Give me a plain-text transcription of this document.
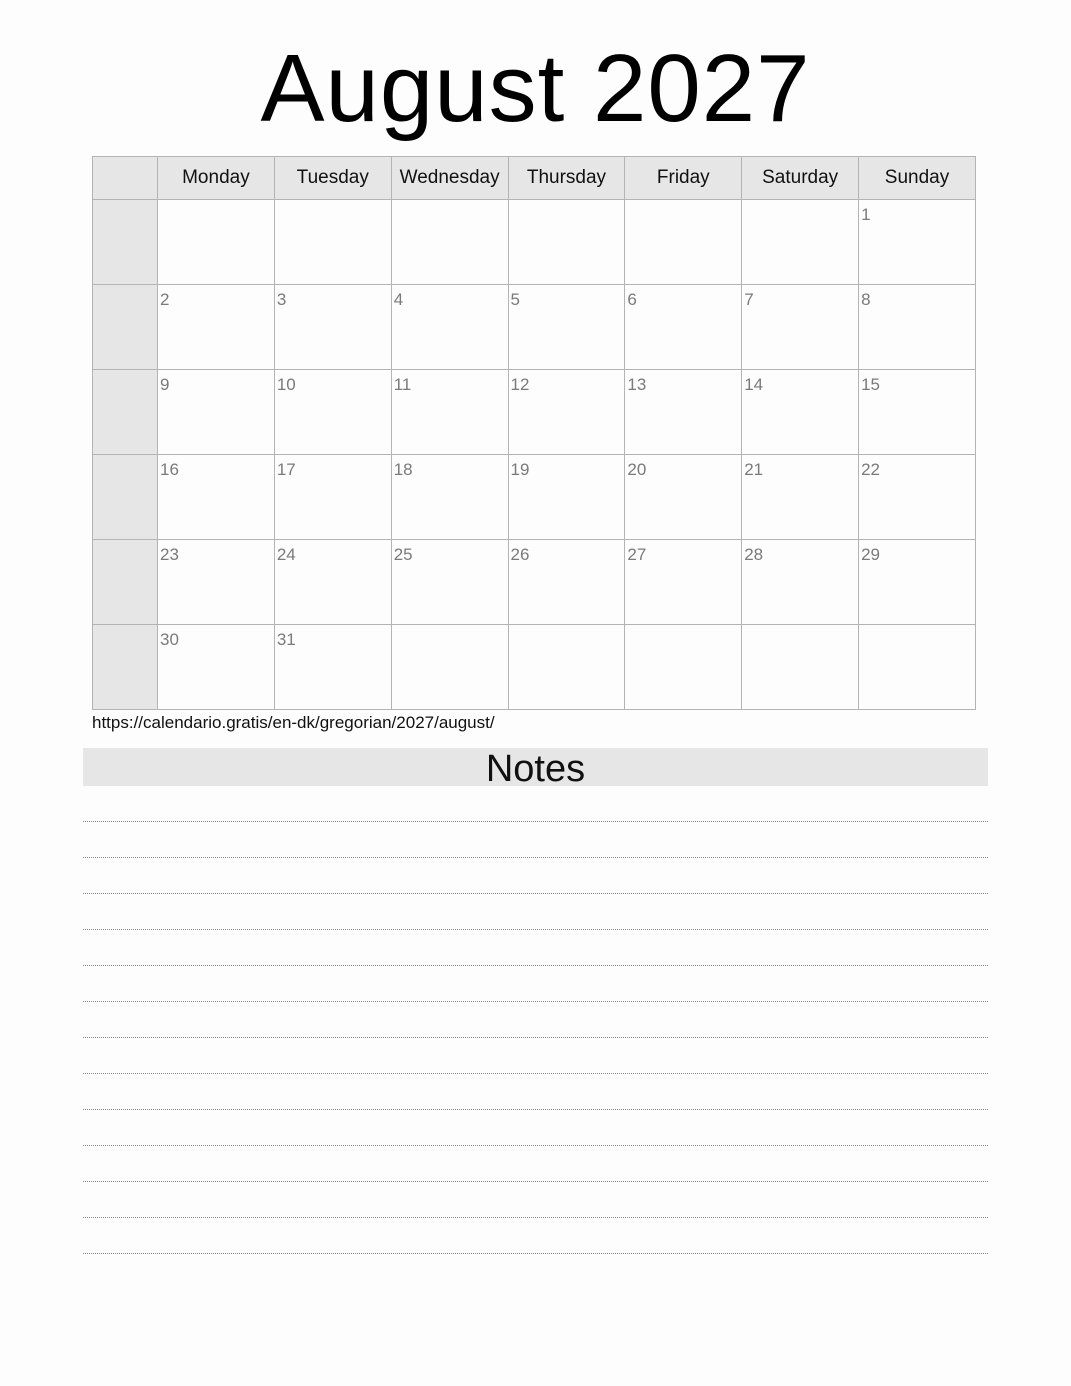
August 2027
	Monday	Tuesday	Wednesday	Thursday	Friday	Saturday	Sunday

							1

	2	3	4	5	6	7	8

	9	10	11	12	13	14	15

	16	17	18	19	20	21	22

	23	24	25	26	27	28	29

	30	31					

https://calendario.gratis/en-dk/gregorian/2027/august/
Notes
